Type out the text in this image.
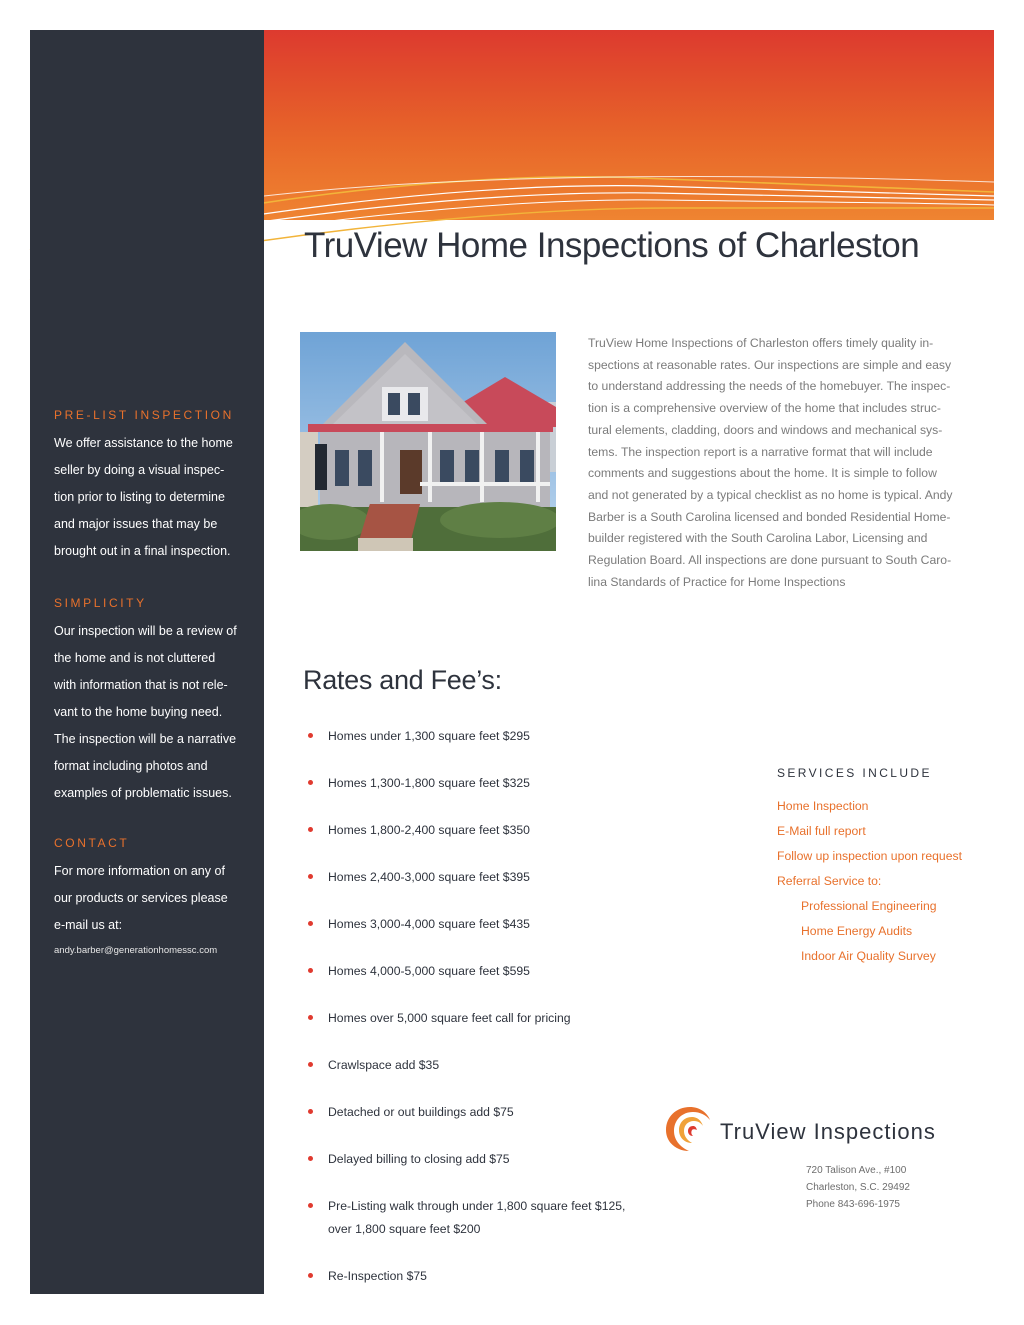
TruView Home Inspections of Charleston
TruView Home Inspections of Charleston offers timely quality in-
spections at reasonable rates. Our inspections are simple and easy
to understand addressing the needs of the homebuyer. The inspec-
tion is a comprehensive overview of the home that includes struc-
tural elements, cladding, doors and windows and mechanical sys-
tems. The inspection report is a narrative format that will include
comments and suggestions about the home. It is simple to follow
and not generated by a typical checklist as no home is typical. Andy
Barber is a South Carolina licensed and bonded Residential Home-
builder registered with the South Carolina Labor, Licensing and
Regulation Board. All inspections are done pursuant to South Caro-
lina Standards of Practice for Home Inspections
PRE-LIST INSPECTION
We offer assistance to the home
seller by doing a visual inspec-
tion prior to listing to determine
and major issues that may be
brought out in a final inspection.
SIMPLICITY
Our inspection will be a review of
the home and is not cluttered
with information that is not rele-
vant to the home buying need.
The inspection will be a narrative
format including photos and
examples of problematic issues.
CONTACT
For more information on any of
our products or services please
e-mail us at:
andy.barber@generationhomessc.com
Rates and Fee’s:
Homes under 1,300 square feet $295
Homes 1,300-1,800 square feet $325
Homes 1,800-2,400 square feet $350
Homes 2,400-3,000 square feet $395
Homes 3,000-4,000 square feet $435
Homes 4,000-5,000 square feet $595
Homes over 5,000 square feet call for pricing
Crawlspace add $35
Detached or out buildings add $75
Delayed billing to closing add $75
Pre-Listing walk through under 1,800 square feet $125,
over 1,800 square feet $200
Re-Inspection $75
SERVICES INCLUDE
Home Inspection
E-Mail full report
Follow up inspection upon request
Referral Service to:
Professional Engineering
Home Energy Audits
Indoor Air Quality Survey
TruView Inspections
720 Talison Ave., #100
Charleston, S.C. 29492
Phone 843-696-1975
